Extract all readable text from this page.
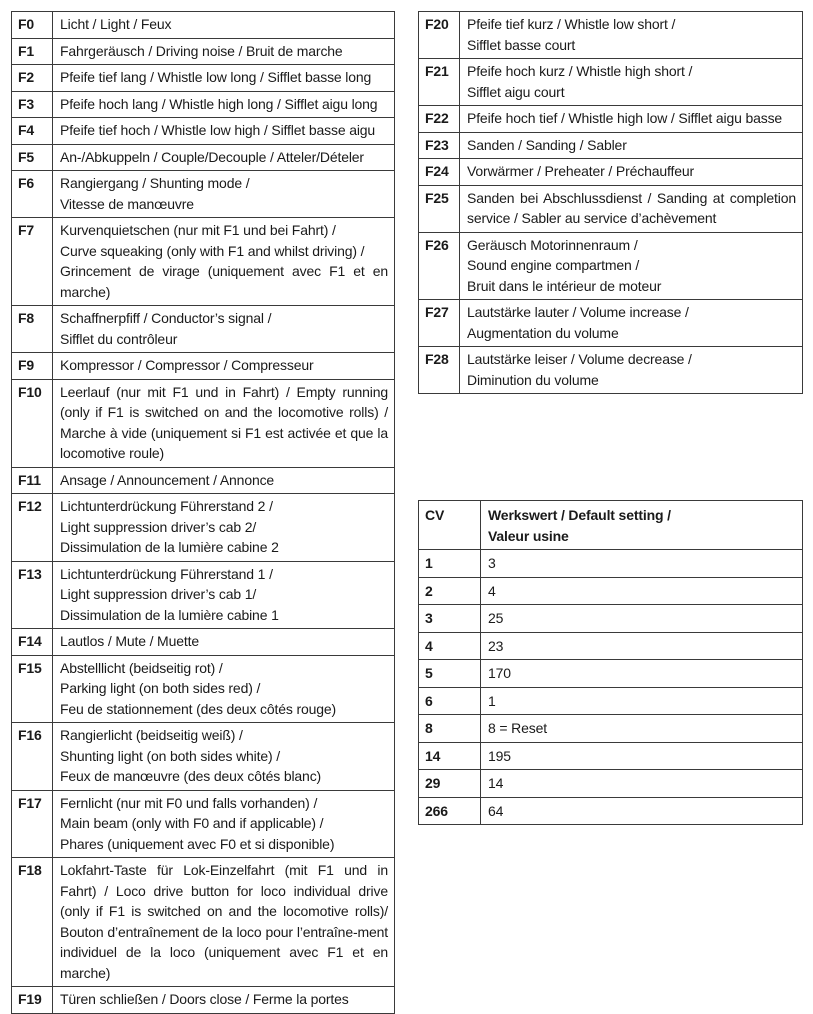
F0	Licht / Light / Feux
F1	Fahrgeräusch / Driving noise / Bruit de marche
F2	Pfeife tief lang / Whistle low long / Sifflet basse long
F3	Pfeife hoch lang / Whistle high long / Sifflet aigu long
F4	Pfeife tief hoch / Whistle low high / Sifflet basse aigu
F5	An-/Abkuppeln / Couple/Decouple / Atteler/Dételer
F6	Rangiergang / Shunting mode /
Vitesse de manœuvre
F7	Kurvenquietschen (nur mit F1 und bei Fahrt) /
Curve squeaking (only with F1 and whilst driving) /
Grincement de virage (uniquement avec F1 et en marche)
F8	Schaffnerpfiff / Conductor’s signal /
Sifflet du contrôleur
F9	Kompressor / Compressor / Compresseur
F10	Leerlauf (nur mit F1 und in Fahrt) / Empty running (only if F1 is switched on and the locomotive rolls) / Marche à vide (uniquement si F1 est activée et que la locomotive roule)
F11	Ansage / Announcement / Annonce
F12	Lichtunterdrückung Führerstand 2 /
Light suppression driver’s cab 2/
Dissimulation de la lumière cabine 2
F13	Lichtunterdrückung Führerstand 1 /
Light suppression driver’s cab 1/
Dissimulation de la lumière cabine 1
F14	Lautlos / Mute / Muette
F15	Abstelllicht (beidseitig rot) /
Parking light (on both sides red) /
Feu de stationnement (des deux côtés rouge)
F16	Rangierlicht (beidseitig weiß) /
Shunting light (on both sides white) /
Feux de manœuvre (des deux côtés blanc)
F17	Fernlicht (nur mit F0 und falls vorhanden) /
Main beam (only with F0 and if applicable) /
Phares (uniquement avec F0 et si disponible)
F18	Lokfahrt-Taste für Lok-Einzelfahrt (mit F1 und in Fahrt) / Loco drive button for loco individual drive (only if F1 is switched on and the locomotive rolls)/ Bouton d’entraînement de la loco pour l’entraîne-ment individuel de la loco (uniquement avec F1 et en marche)
F19	Türen schließen / Doors close / Ferme la portes
F20	Pfeife tief kurz / Whistle low short /
Sifflet basse court
F21	Pfeife hoch kurz / Whistle high short /
Sifflet aigu court
F22	Pfeife hoch tief / Whistle high low / Sifflet aigu basse
F23	Sanden / Sanding / Sabler
F24	Vorwärmer / Preheater / Préchauffeur
F25	Sanden bei Abschlussdienst / Sanding at completion service / Sabler au service d’achèvement
F26	Geräusch Motorinnenraum /
Sound engine compartmen /
Bruit dans le intérieur de moteur
F27	Lautstärke lauter / Volume increase /
Augmentation du volume
F28	Lautstärke leiser / Volume decrease /
Diminution du volume
CV	Werkswert / Default setting /
Valeur usine
1	3
2	4
3	25
4	23
5	170
6	1
8	8 = Reset
14	195
29	14
266	64
